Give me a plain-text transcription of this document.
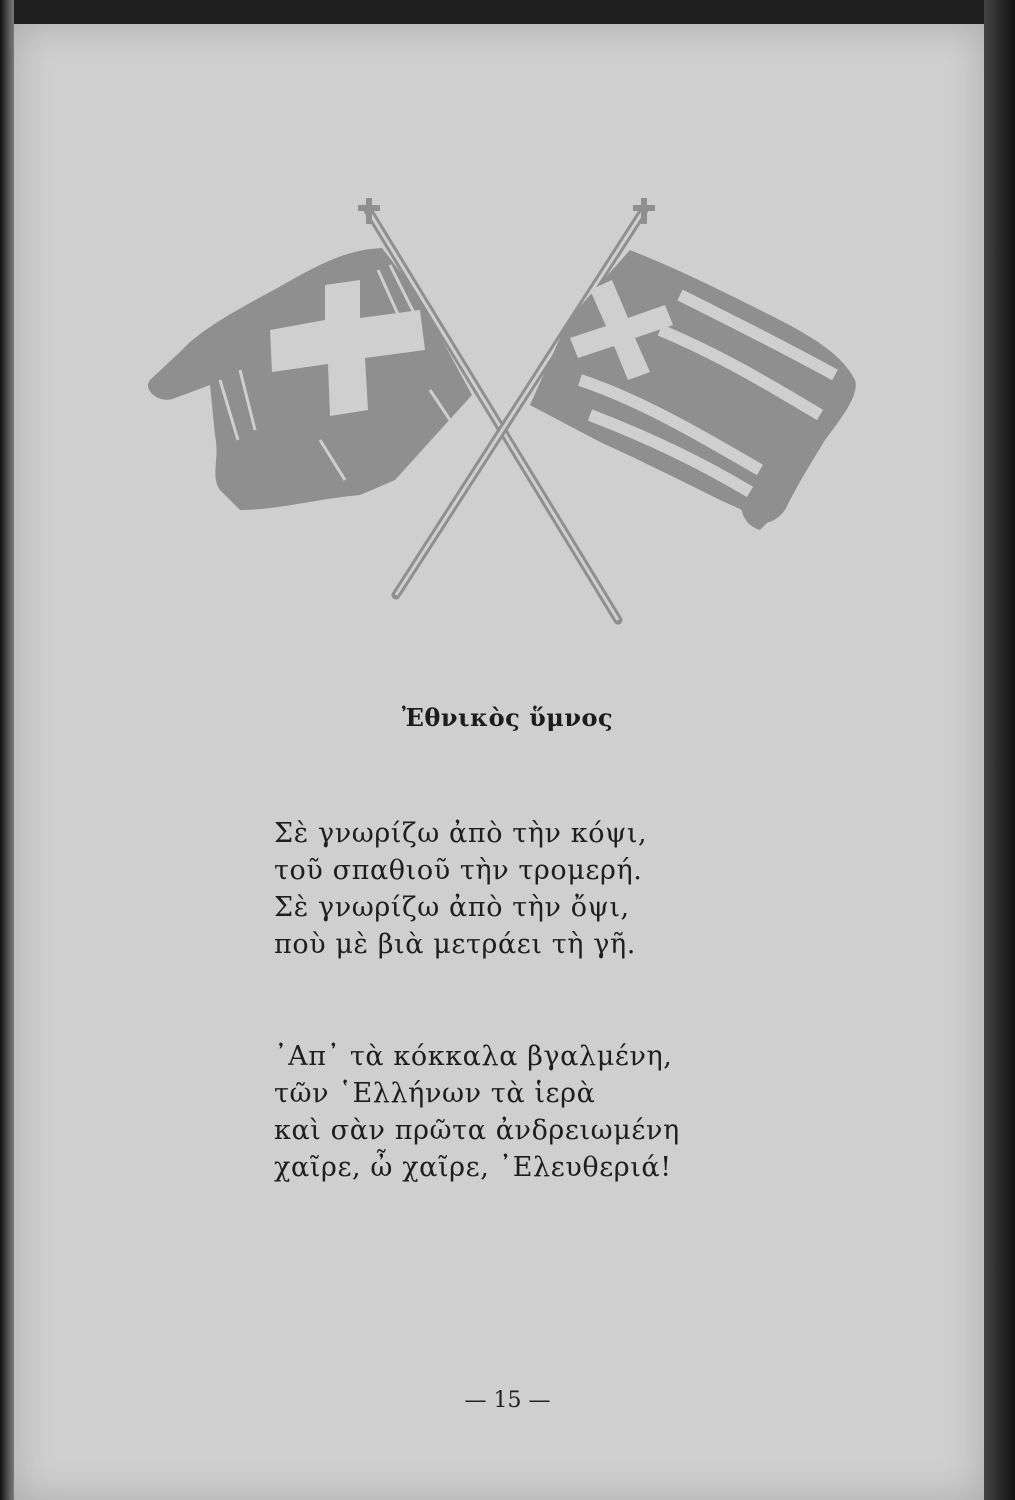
Ἐθνικὸς ὕμνος
Σὲ γνωρίζω ἀπὸ τὴν κόψι,
τοῦ σπαθιοῦ τὴν τρομερή.
Σὲ γνωρίζω ἀπὸ τὴν ὄψι,
ποὺ μὲ βιὰ μετράει τὴ γῆ.
᾿Απ᾿ τὰ κόκκαλα βγαλμένη,
τῶν ῾Ελλήνων τὰ ἱερὰ
καὶ σὰν πρῶτα ἀνδρειωμένη
χαῖρε, ὦ χαῖρε, ᾿Ελευθεριά!
— 15 —
